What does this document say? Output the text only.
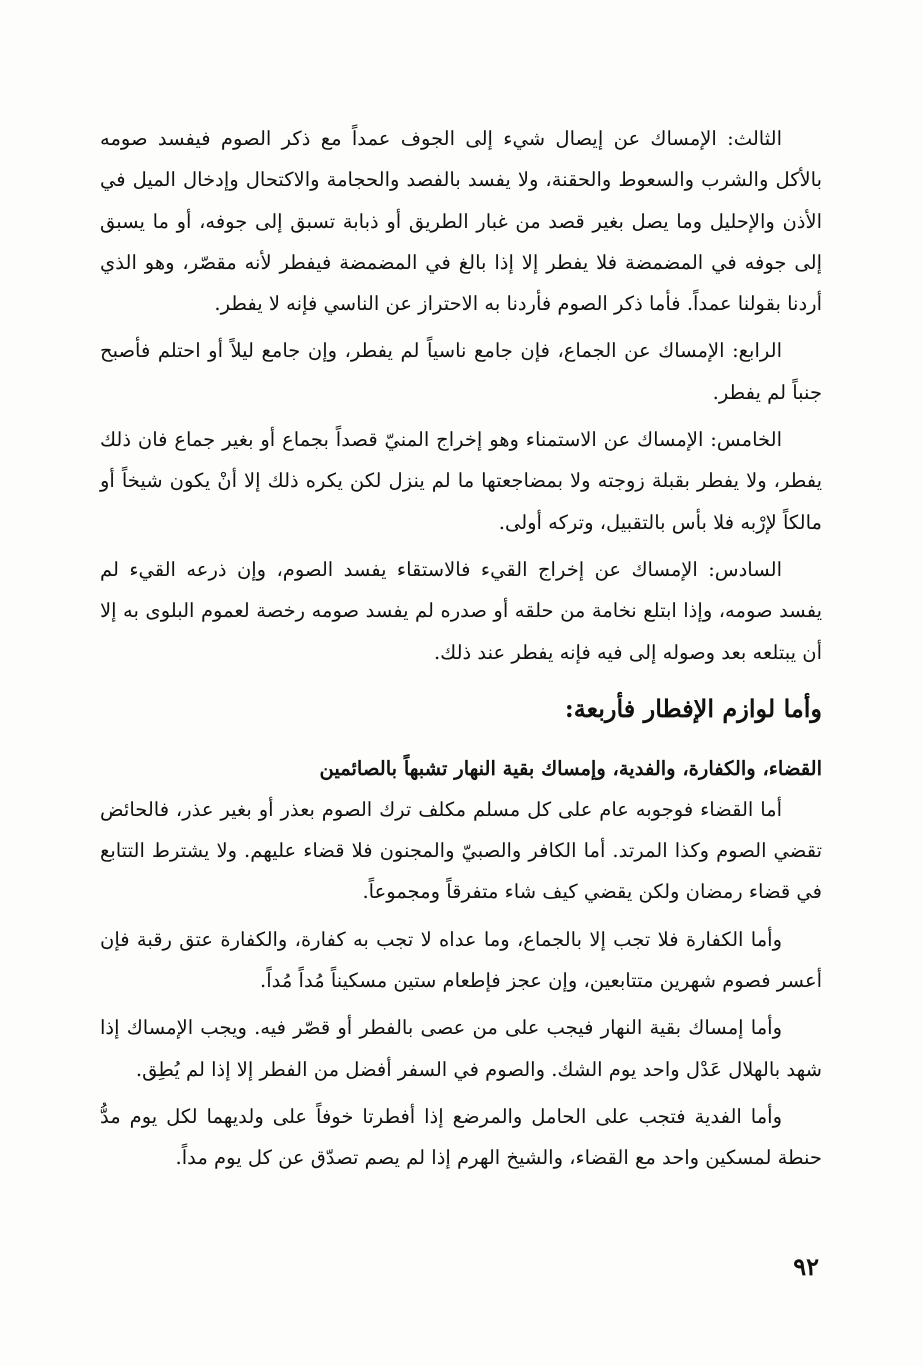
الثالث: الإمساك عن إيصال شيء إلى الجوف عمداً مع ذكر الصوم فيفسد صومه بالأكل والشرب والسعوط والحقنة، ولا يفسد بالفصد والحجامة والاكتحال وإدخال الميل في الأذن والإحليل وما يصل بغير قصد من غبار الطريق أو ذبابة تسبق إلى جوفه، أو ما يسبق إلى جوفه في المضمضة فلا يفطر إلا إذا بالغ في المضمضة فيفطر لأنه مقصّر، وهو الذي أردنا بقولنا عمداً. فأما ذكر الصوم فأردنا به الاحتراز عن الناسي فإنه لا يفطر.

الرابع: الإمساك عن الجماع، فإن جامع ناسياً لم يفطر، وإن جامع ليلاً أو احتلم فأصبح جنباً لم يفطر.

الخامس: الإمساك عن الاستمناء وهو إخراج المنيّ قصداً بجماع أو بغير جماع فان ذلك يفطر، ولا يفطر بقبلة زوجته ولا بمضاجعتها ما لم ينزل لكن يكره ذلك إلا أنْ يكون شيخاً أو مالكاً لإرْبه فلا بأس بالتقبيل، وتركه أولى.

السادس: الإمساك عن إخراج القيء فالاستقاء يفسد الصوم، وإن ذرعه القيء لم يفسد صومه، وإذا ابتلع نخامة من حلقه أو صدره لم يفسد صومه رخصة لعموم البلوى به إلا أن يبتلعه بعد وصوله إلى فيه فإنه يفطر عند ذلك.

وأما لوازم الإفطار فأربعة:

القضاء، والكفارة، والفدية، وإمساك بقية النهار تشبهاً بالصائمين

أما القضاء فوجوبه عام على كل مسلم مكلف ترك الصوم بعذر أو بغير عذر، فالحائض تقضي الصوم وكذا المرتد. أما الكافر والصبيّ والمجنون فلا قضاء عليهم. ولا يشترط التتابع في قضاء رمضان ولكن يقضي كيف شاء متفرقاً ومجموعاً.

وأما الكفارة فلا تجب إلا بالجماع، وما عداه لا تجب به كفارة، والكفارة عتق رقبة فإن أعسر فصوم شهرين متتابعين، وإن عجز فإطعام ستين مسكيناً مُداً مُداً.

وأما إمساك بقية النهار فيجب على من عصى بالفطر أو قصّر فيه. ويجب الإمساك إذا شهد بالهلال عَدْل واحد يوم الشك. والصوم في السفر أفضل من الفطر إلا إذا لم يُطِق.

وأما الفدية فتجب على الحامل والمرضع إذا أفطرتا خوفاً على ولديهما لكل يوم مدُّ حنطة لمسكين واحد مع القضاء، والشيخ الهرم إذا لم يصم تصدّق عن كل يوم مداً.

٩٢
